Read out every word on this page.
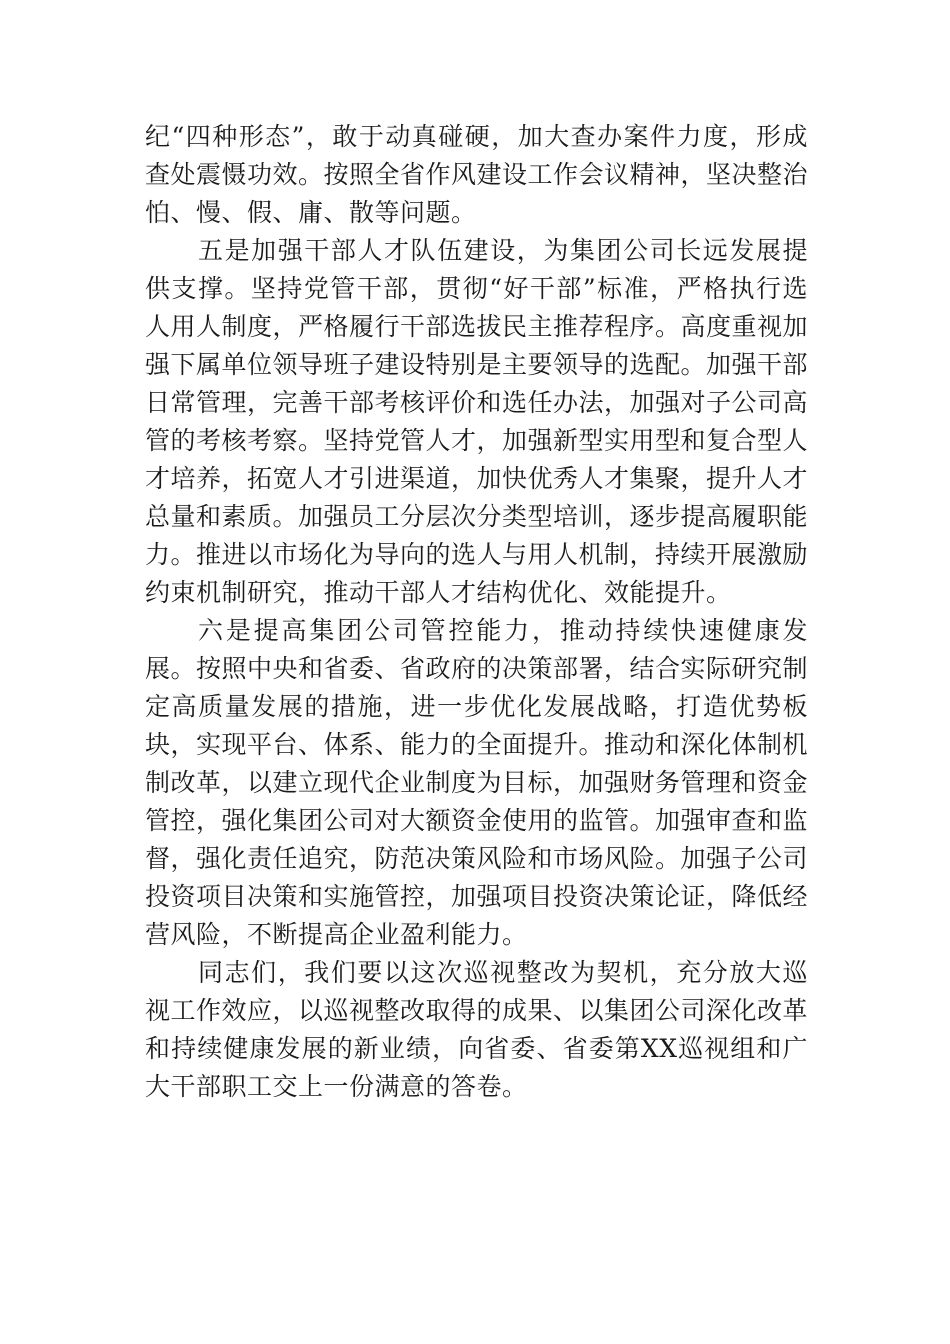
纪“四种形态”，敢于动真碰硬，加大查办案件力度，形成查处震慑功效。按照全省作风建设工作会议精神，坚决整治怕、慢、假、庸、散等问题。

五是加强干部人才队伍建设，为集团公司长远发展提供支撑。坚持党管干部，贯彻“好干部”标准，严格执行选人用人制度，严格履行干部选拔民主推荐程序。高度重视加强下属单位领导班子建设特别是主要领导的选配。加强干部日常管理，完善干部考核评价和选任办法，加强对子公司高管的考核考察。坚持党管人才，加强新型实用型和复合型人才培养，拓宽人才引进渠道，加快优秀人才集聚，提升人才总量和素质。加强员工分层次分类型培训，逐步提高履职能力。推进以市场化为导向的选人与用人机制，持续开展激励约束机制研究，推动干部人才结构优化、效能提升。

六是提高集团公司管控能力，推动持续快速健康发展。按照中央和省委、省政府的决策部署，结合实际研究制定高质量发展的措施，进一步优化发展战略，打造优势板块，实现平台、体系、能力的全面提升。推动和深化体制机制改革，以建立现代企业制度为目标，加强财务管理和资金管控，强化集团公司对大额资金使用的监管。加强审查和监督，强化责任追究，防范决策风险和市场风险。加强子公司投资项目决策和实施管控，加强项目投资决策论证，降低经营风险，不断提高企业盈利能力。

同志们，我们要以这次巡视整改为契机，充分放大巡视工作效应，以巡视整改取得的成果、以集团公司深化改革和持续健康发展的新业绩，向省委、省委第XX巡视组和广大干部职工交上一份满意的答卷。
